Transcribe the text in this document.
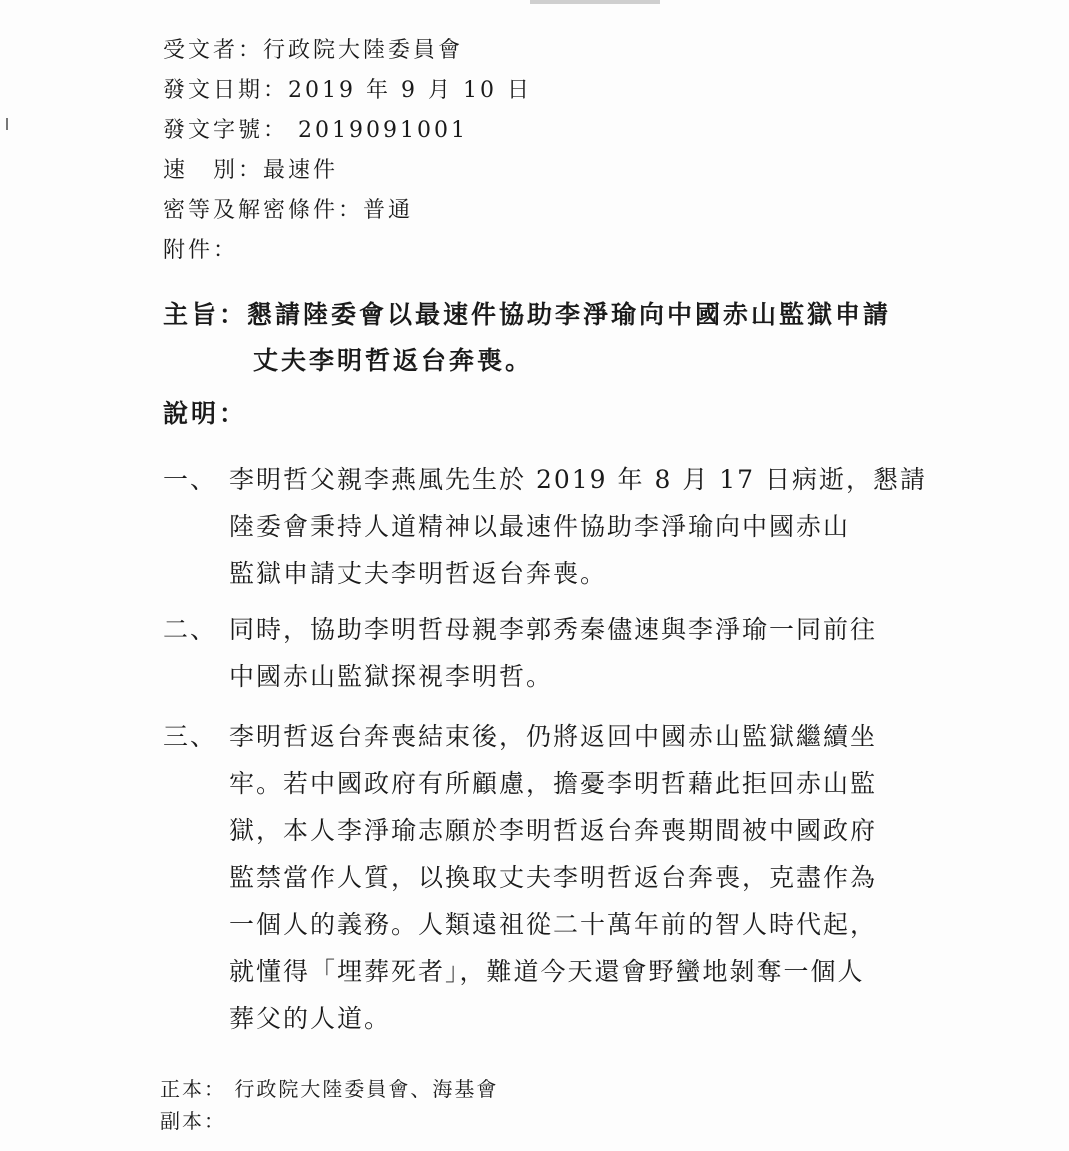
受文者：行政院大陸委員會
發文日期：2019 年 9 月 10 日
發文字號： 2019091001
速　別：最速件
密等及解密條件：普通
附件：
主旨：懇請陸委會以最速件協助李淨瑜向中國赤山監獄申請
丈夫李明哲返台奔喪。
說明：
一、 李明哲父親李燕風先生於 2019 年 8 月 17 日病逝，懇請
陸委會秉持人道精神以最速件協助李淨瑜向中國赤山
監獄申請丈夫李明哲返台奔喪。
二、 同時，協助李明哲母親李郭秀秦儘速與李淨瑜一同前往
中國赤山監獄探視李明哲。
三、 李明哲返台奔喪結束後，仍將返回中國赤山監獄繼續坐
牢。若中國政府有所顧慮，擔憂李明哲藉此拒回赤山監
獄，本人李淨瑜志願於李明哲返台奔喪期間被中國政府
監禁當作人質，以換取丈夫李明哲返台奔喪，克盡作為
一個人的義務。人類遠祖從二十萬年前的智人時代起，
就懂得「埋葬死者」，難道今天還會野蠻地剝奪一個人
葬父的人道。
正本： 行政院大陸委員會、海基會
副本：
